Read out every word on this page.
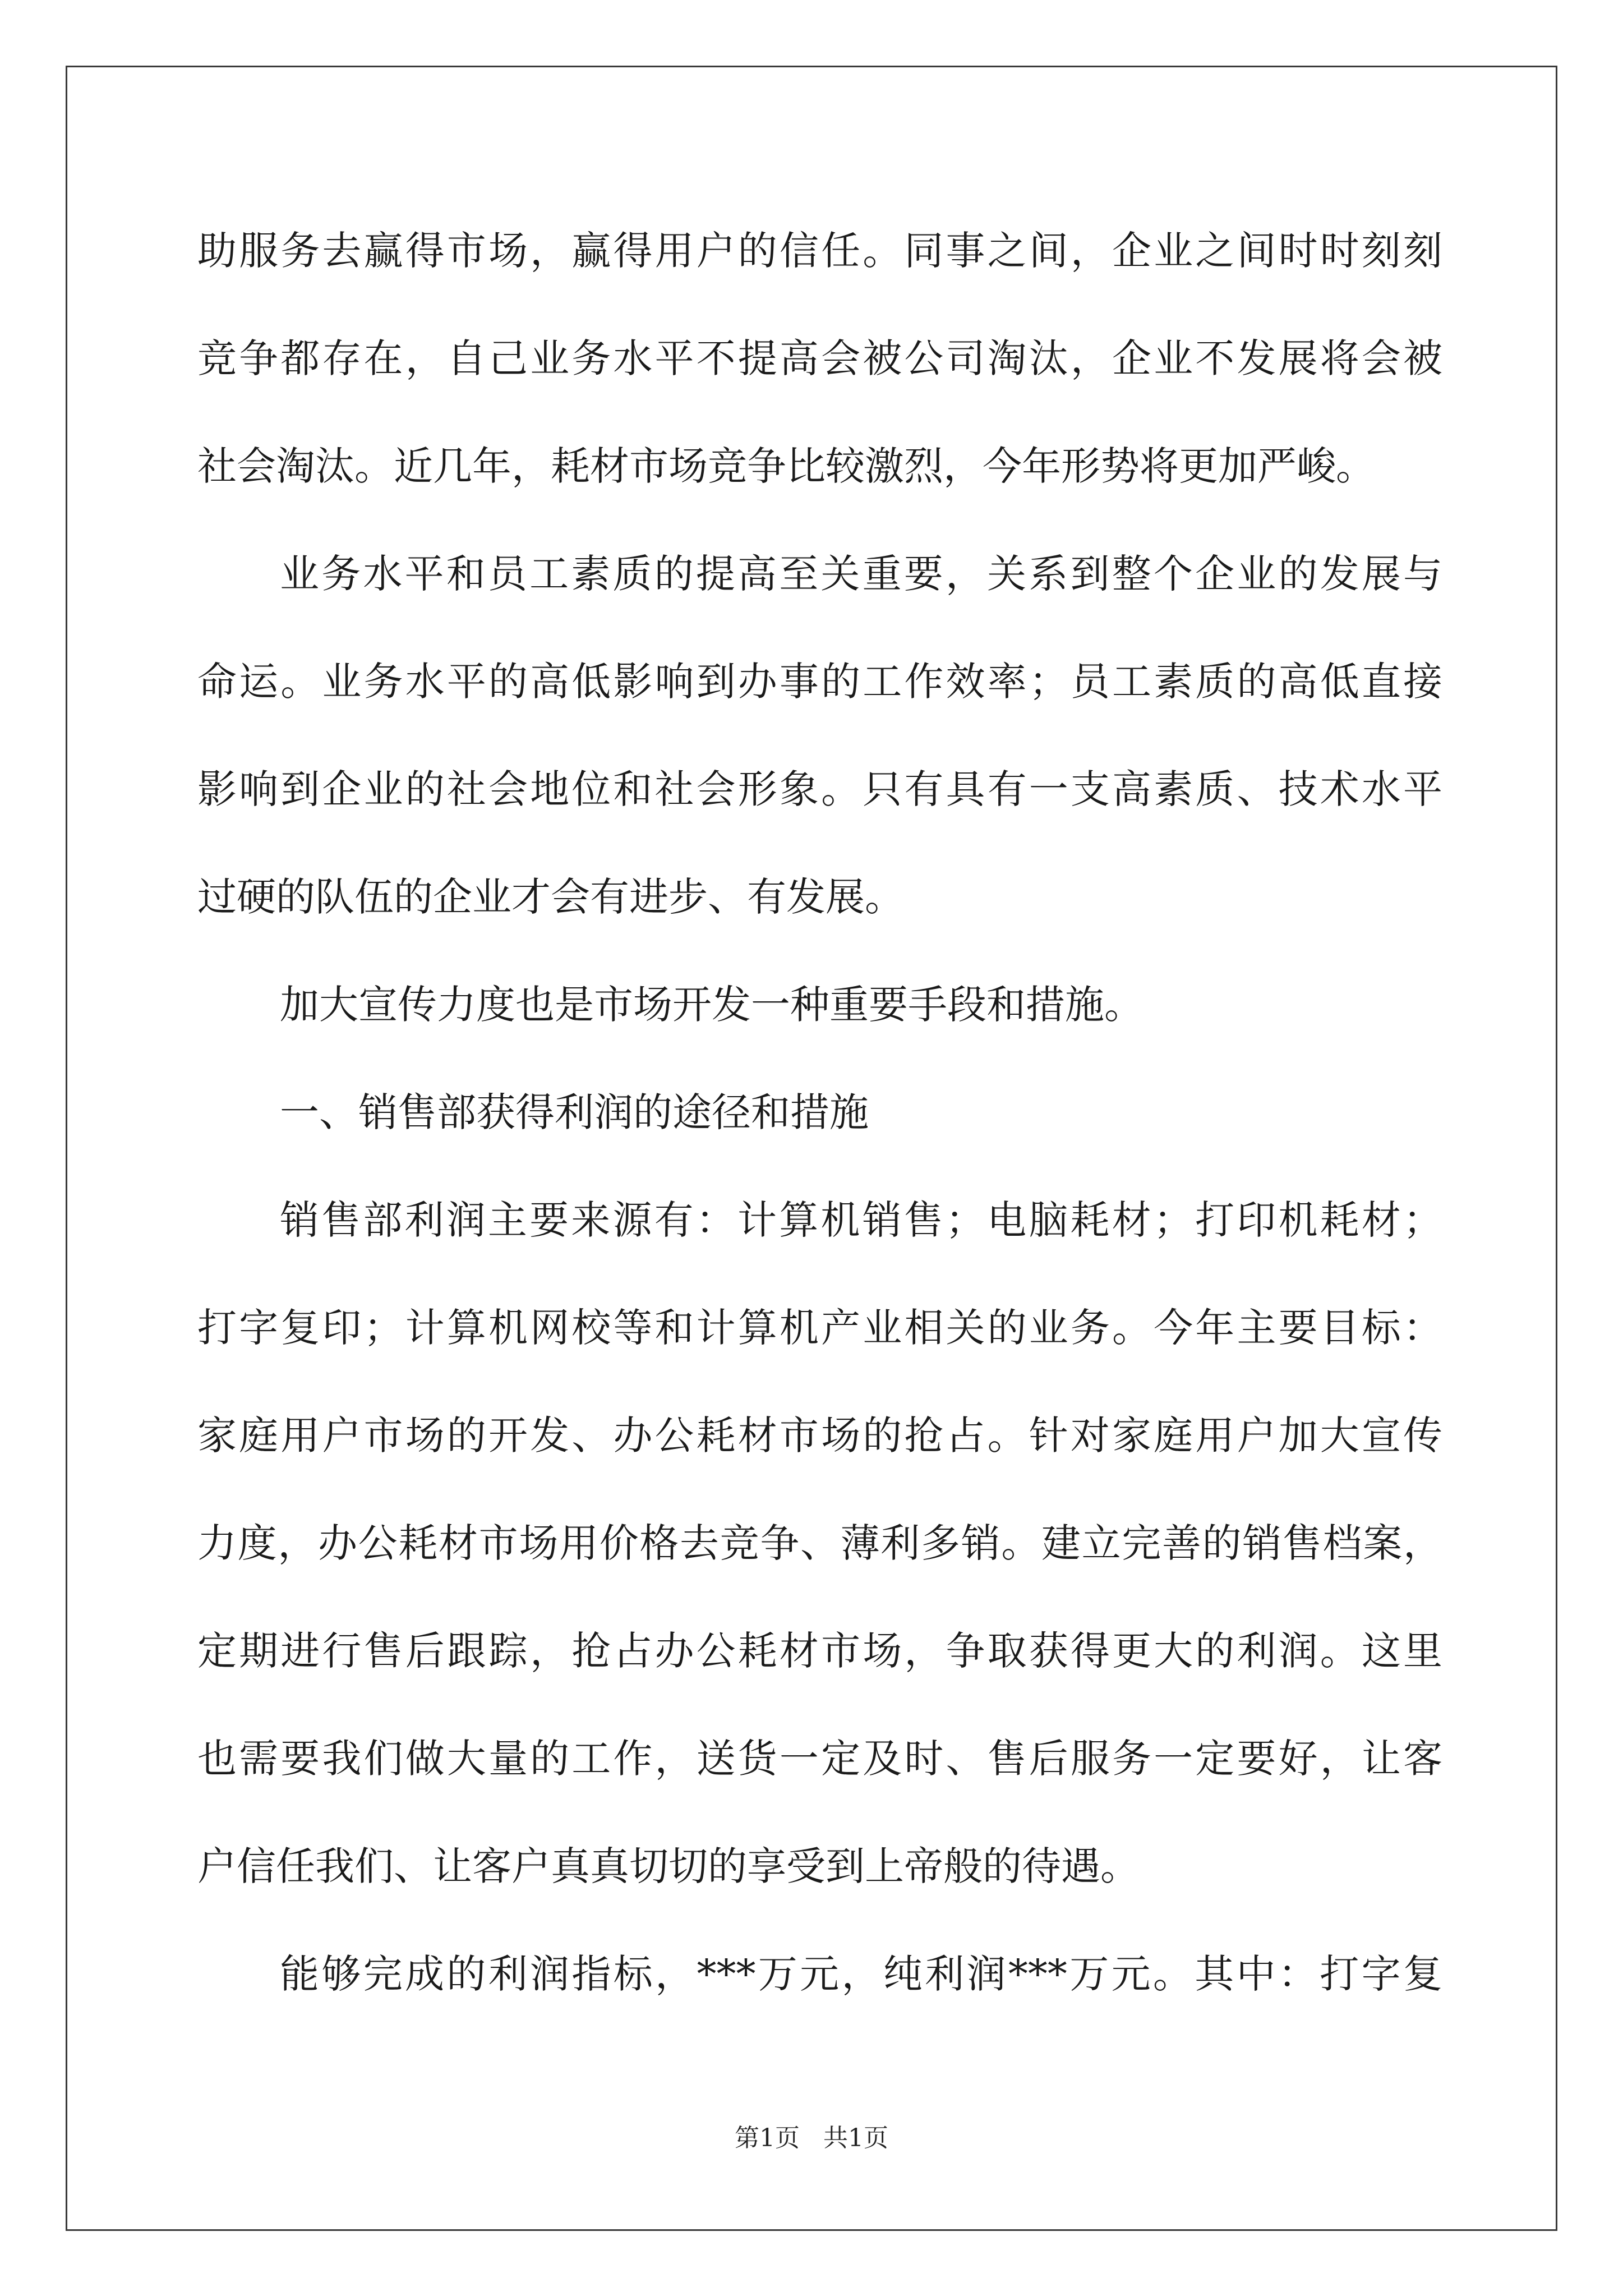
助服务去赢得市场，赢得用户的信任。同事之间，企业之间时时刻刻
竞争都存在，自己业务水平不提高会被公司淘汰，企业不发展将会被
社会淘汰。近几年，耗材市场竞争比较激烈，今年形势将更加严峻。
业务水平和员工素质的提高至关重要，关系到整个企业的发展与
命运。业务水平的高低影响到办事的工作效率；员工素质的高低直接
影响到企业的社会地位和社会形象。只有具有一支高素质、技术水平
过硬的队伍的企业才会有进步、有发展。
加大宣传力度也是市场开发一种重要手段和措施。
一、销售部获得利润的途径和措施
销售部利润主要来源有：计算机销售；电脑耗材；打印机耗材；
打字复印；计算机网校等和计算机产业相关的业务。今年主要目标：
家庭用户市场的开发、办公耗材市场的抢占。针对家庭用户加大宣传
力度，办公耗材市场用价格去竞争、薄利多销。建立完善的销售档案，
定期进行售后跟踪，抢占办公耗材市场，争取获得更大的利润。这里
也需要我们做大量的工作，送货一定及时、售后服务一定要好，让客
户信任我们、让客户真真切切的享受到上帝般的待遇。
能够完成的利润指标，***万元，纯利润***万元。其中：打字复
第1页 共1页
